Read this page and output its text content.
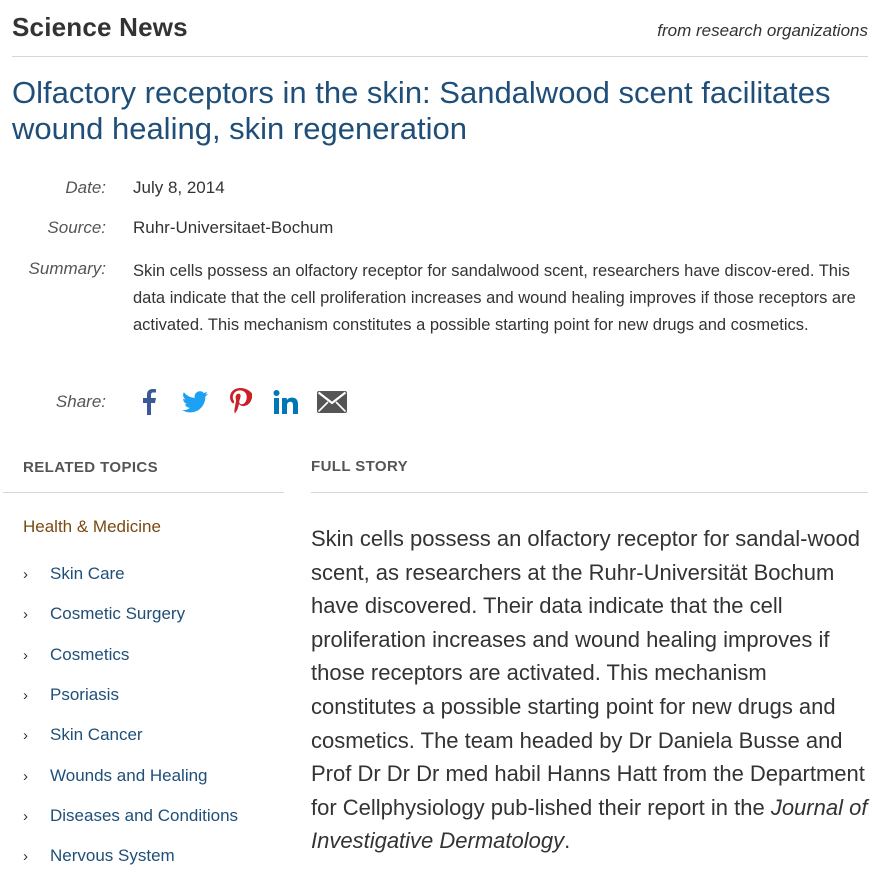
Science News	from research organizations
Olfactory receptors in the skin: Sandalwood scent facilitates wound healing, skin regeneration
Date: July 8, 2014
Source: Ruhr-Universitaet-Bochum
Summary: Skin cells possess an olfactory receptor for sandalwood scent, researchers have discov-ered. This data indicate that the cell proliferation increases and wound healing improves if those receptors are activated. This mechanism constitutes a possible starting point for new drugs and cosmetics.
Share:
RELATED TOPICS
Health & Medicine
› Skin Care
› Cosmetic Surgery
› Cosmetics
› Psoriasis
› Skin Cancer
› Wounds and Healing
› Diseases and Conditions
› Nervous System
FULL STORY
Skin cells possess an olfactory receptor for sandal-wood scent, as researchers at the Ruhr-Universität Bochum have discovered. Their data indicate that the cell proliferation increases and wound healing improves if those receptors are activated. This mechanism constitutes a possible starting point for new drugs and cosmetics. The team headed by Dr Daniela Busse and Prof Dr Dr Dr med habil Hanns Hatt from the Department for Cellphysiology pub-lished their report in the Journal of Investigative Dermatology.
